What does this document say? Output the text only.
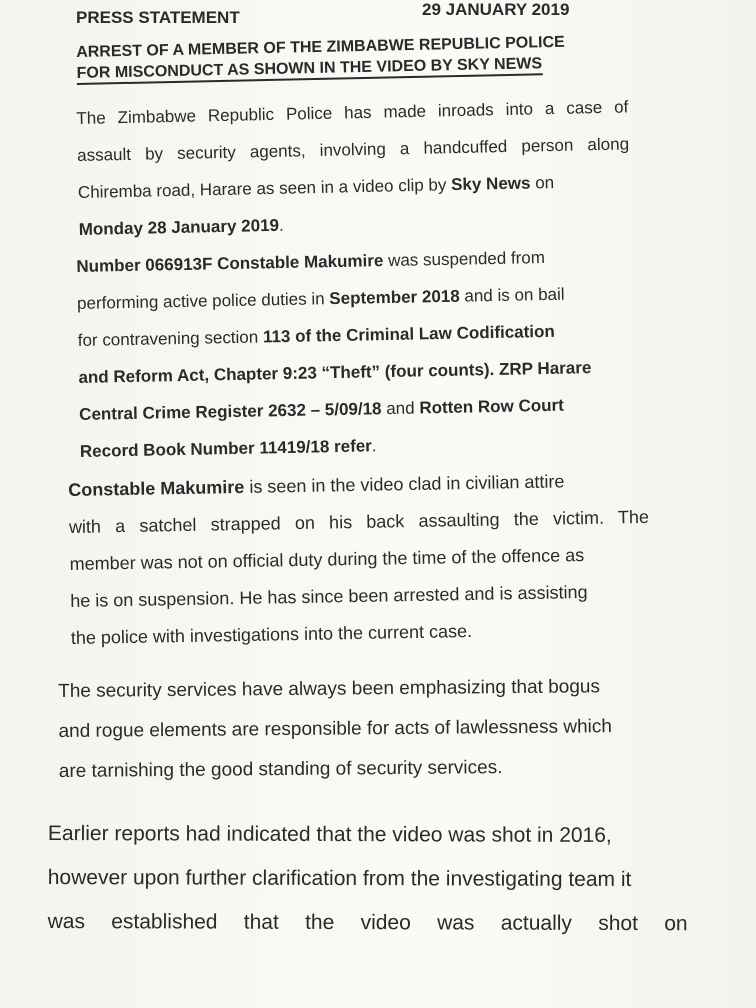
PRESS STATEMENT	29 JANUARY 2019
ARREST OF A MEMBER OF THE ZIMBABWE REPUBLIC POLICE
FOR MISCONDUCT AS SHOWN IN THE VIDEO BY SKY NEWS
The Zimbabwe Republic Police has made inroads into a case of
assault by security agents, involving a handcuffed person along
Chiremba road, Harare as seen in a video clip by Sky News on
Monday 28 January 2019.
Number 066913F Constable Makumire was suspended from
performing active police duties in September 2018 and is on bail
for contravening section 113 of the Criminal Law Codification
and Reform Act, Chapter 9:23 “Theft” (four counts). ZRP Harare
Central Crime Register 2632 – 5/09/18 and Rotten Row Court
Record Book Number 11419/18 refer.
Constable Makumire is seen in the video clad in civilian attire
with a satchel strapped on his back assaulting the victim. The
member was not on official duty during the time of the offence as
he is on suspension. He has since been arrested and is assisting
the police with investigations into the current case.
The security services have always been emphasizing that bogus
and rogue elements are responsible for acts of lawlessness which
are tarnishing the good standing of security services.
Earlier reports had indicated that the video was shot in 2016,
however upon further clarification from the investigating team it
was established that the video was actually shot on
